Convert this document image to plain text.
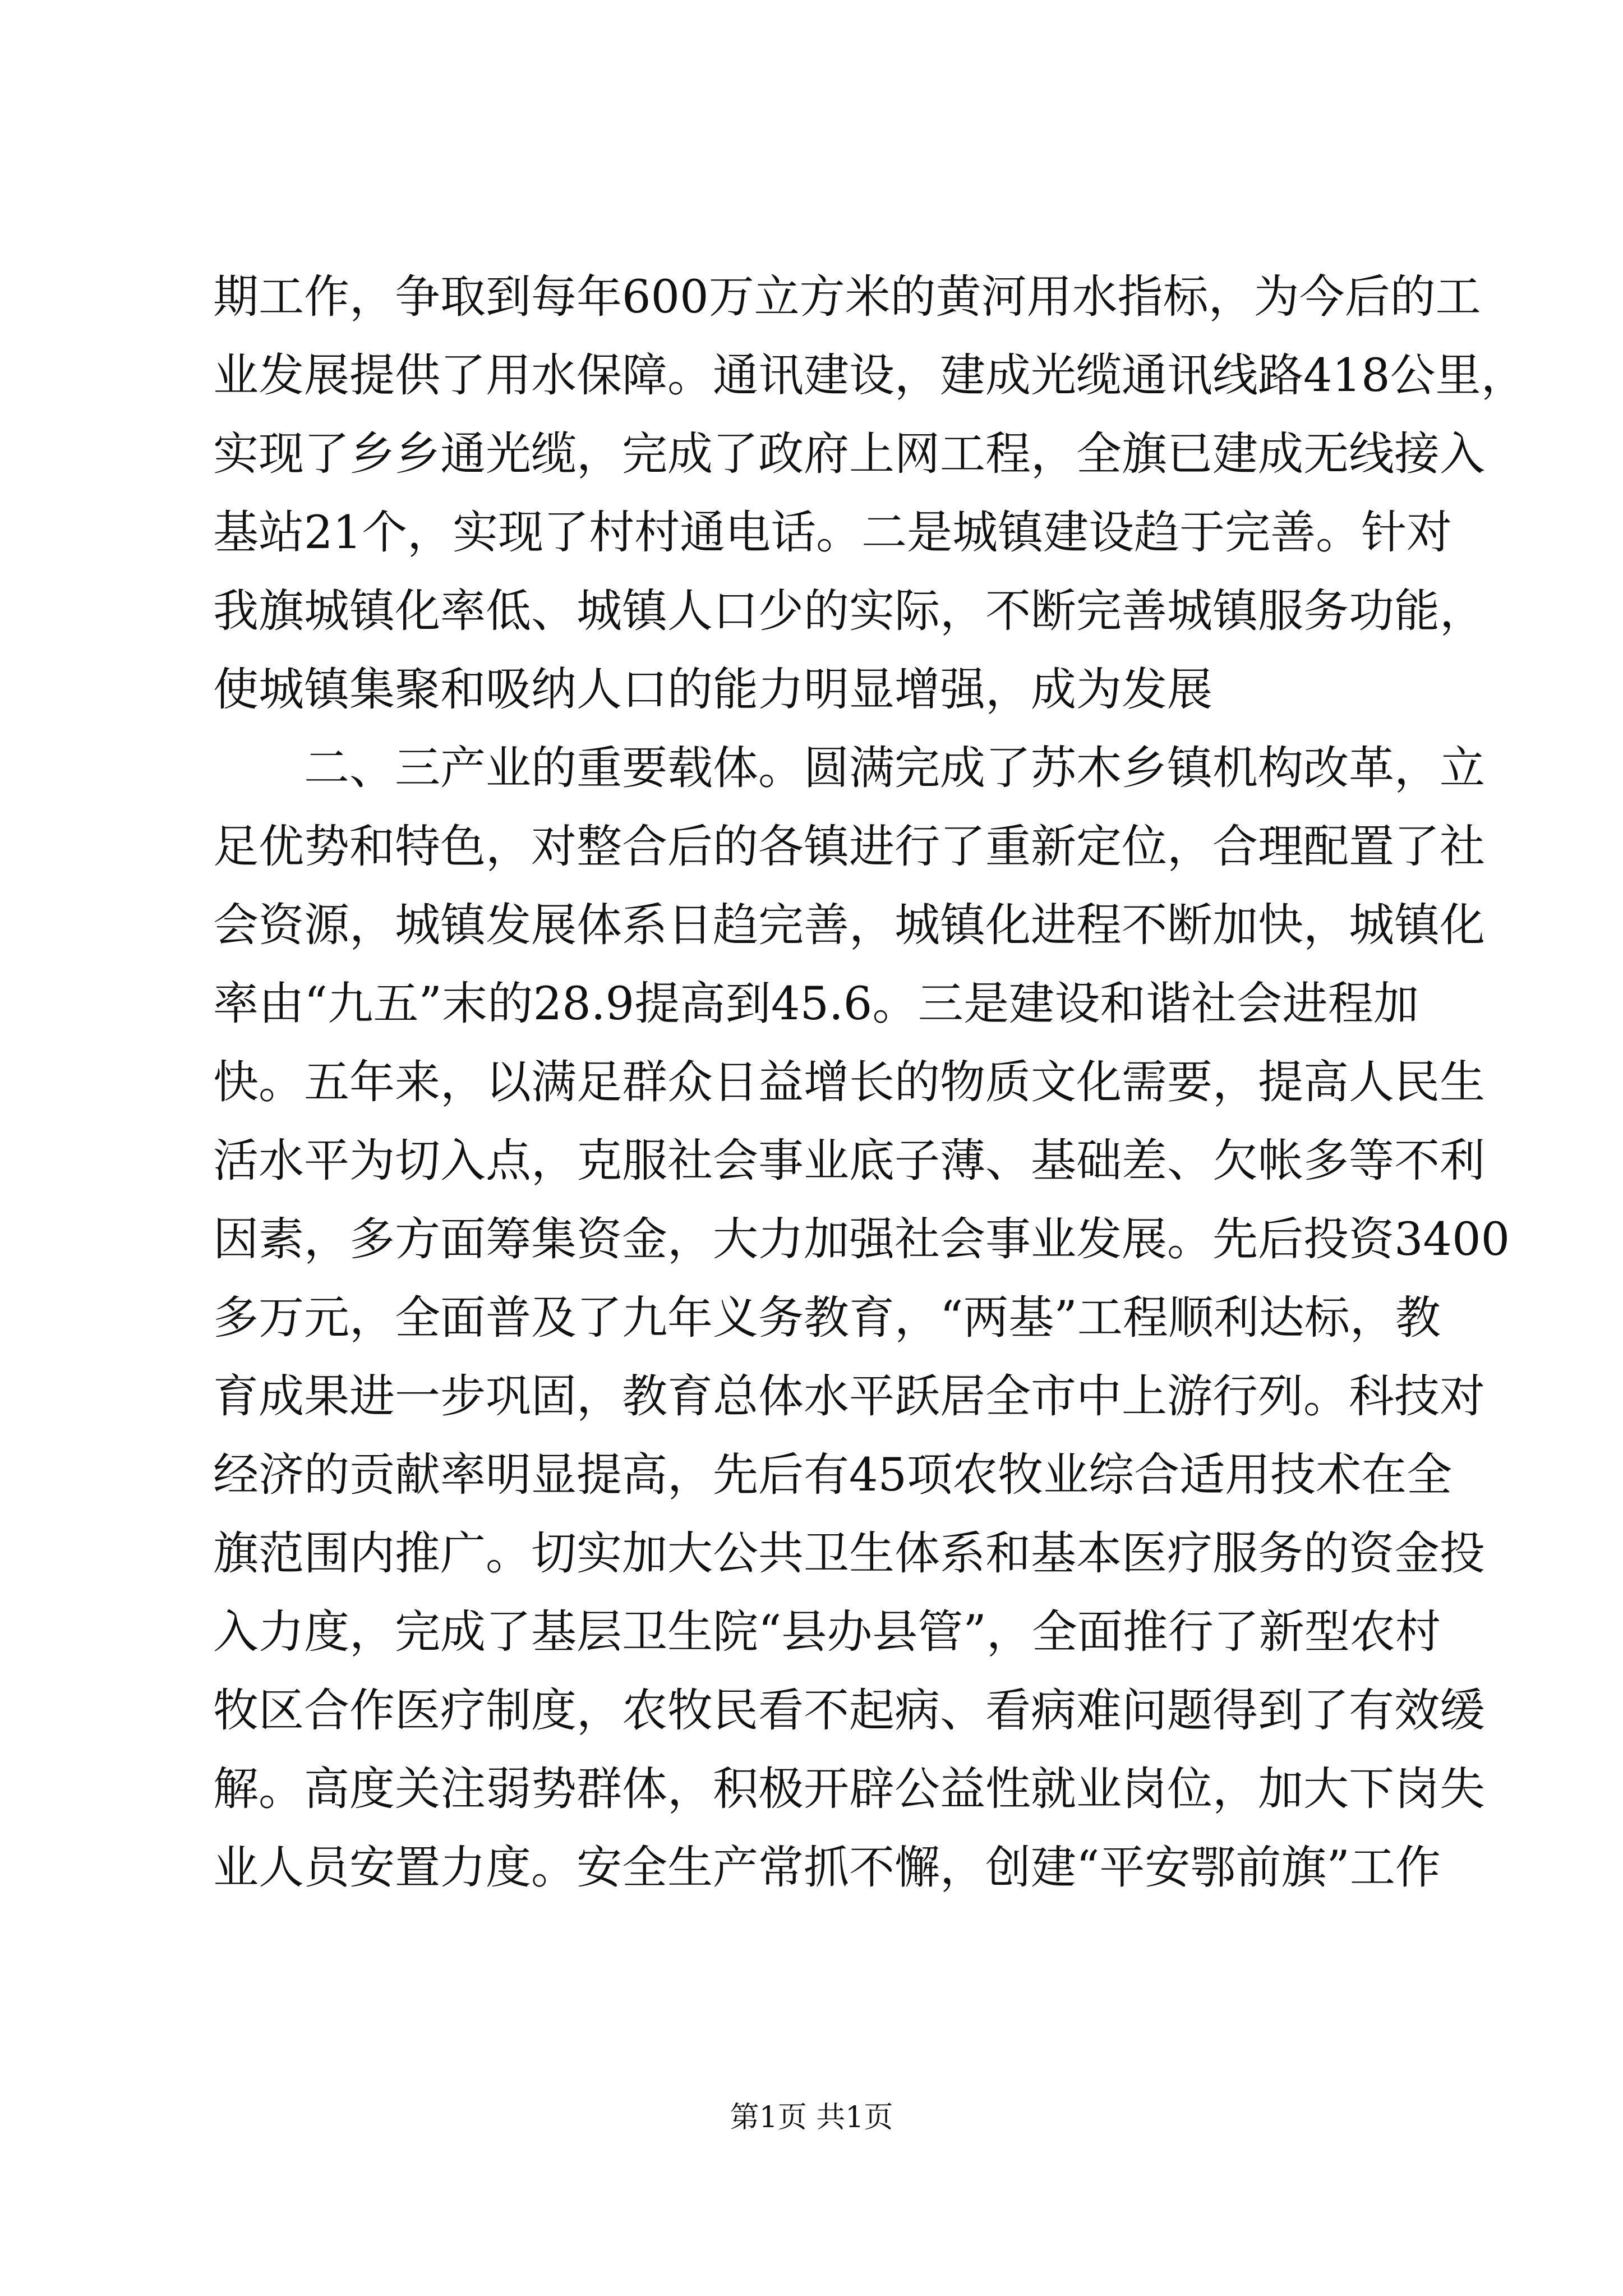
期工作，争取到每年600万立方米的黄河用水指标，为今后的工
业发展提供了用水保障。通讯建设，建成光缆通讯线路418公里，
实现了乡乡通光缆，完成了政府上网工程，全旗已建成无线接入
基站21个，实现了村村通电话。二是城镇建设趋于完善。针对
我旗城镇化率低、城镇人口少的实际，不断完善城镇服务功能，
使城镇集聚和吸纳人口的能力明显增强，成为发展
二、三产业的重要载体。圆满完成了苏木乡镇机构改革，立
足优势和特色，对整合后的各镇进行了重新定位，合理配置了社
会资源，城镇发展体系日趋完善，城镇化进程不断加快，城镇化
率由“九五”末的28.9提高到45.6。三是建设和谐社会进程加
快。五年来，以满足群众日益增长的物质文化需要，提高人民生
活水平为切入点，克服社会事业底子薄、基础差、欠帐多等不利
因素，多方面筹集资金，大力加强社会事业发展。先后投资3400
多万元，全面普及了九年义务教育，“两基”工程顺利达标，教
育成果进一步巩固，教育总体水平跃居全市中上游行列。科技对
经济的贡献率明显提高，先后有45项农牧业综合适用技术在全
旗范围内推广。切实加大公共卫生体系和基本医疗服务的资金投
入力度，完成了基层卫生院“县办县管”，全面推行了新型农村
牧区合作医疗制度，农牧民看不起病、看病难问题得到了有效缓
解。高度关注弱势群体，积极开辟公益性就业岗位，加大下岗失
业人员安置力度。安全生产常抓不懈，创建“平安鄂前旗”工作
第1页 共1页
